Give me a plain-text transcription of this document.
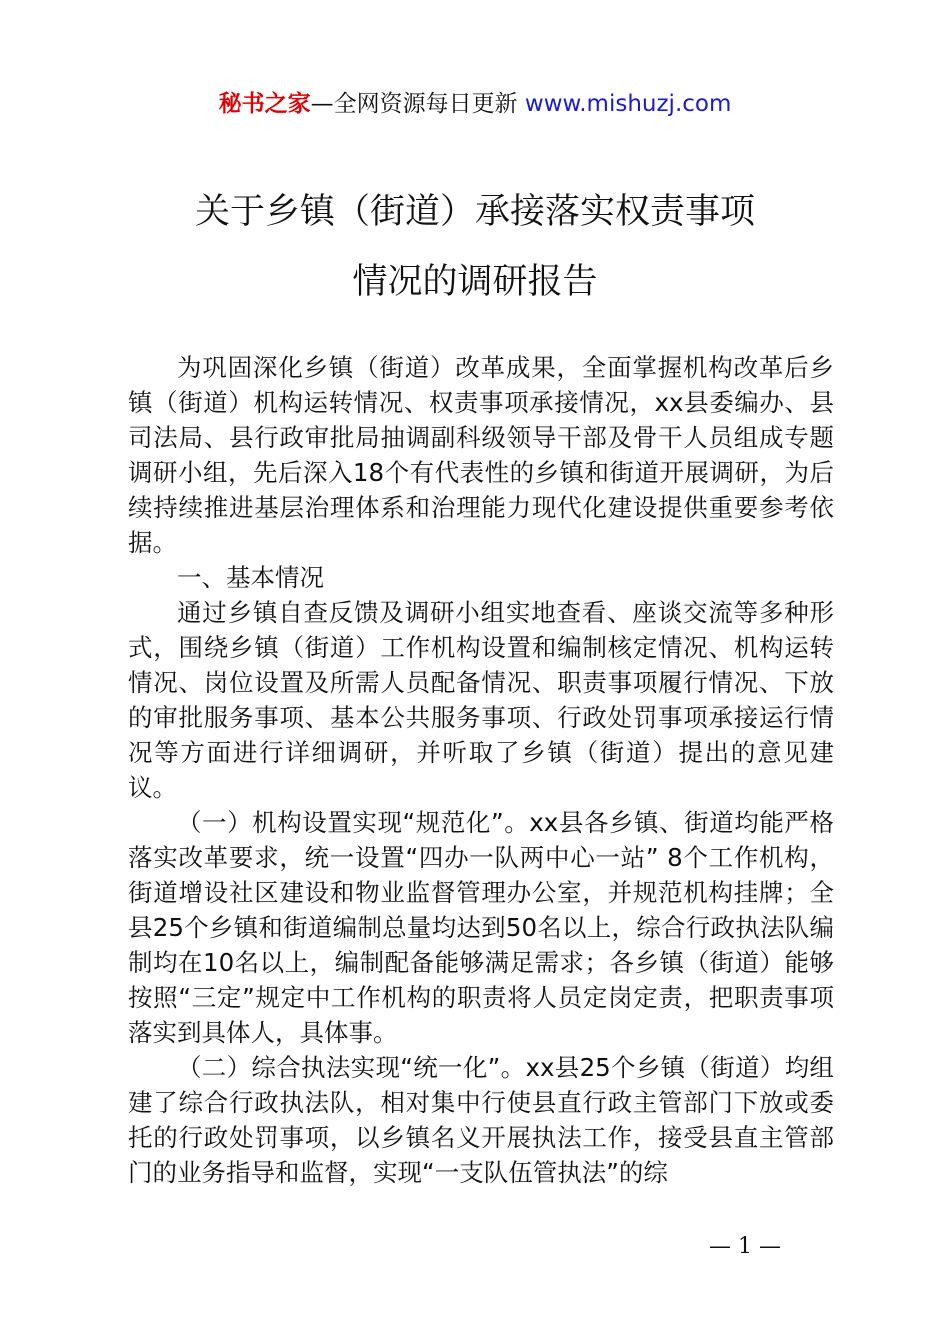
秘书之家—全网资源每日更新 www.mishuzj.com
关于乡镇（街道）承接落实权责事项
情况的调研报告

为巩固深化乡镇（街道）改革成果，全面掌握机构改革后乡镇（街道）机构运转情况、权责事项承接情况，xx县委编办、县司法局、县行政审批局抽调副科级领导干部及骨干人员组成专题调研小组，先后深入18个有代表性的乡镇和街道开展调研，为后续持续推进基层治理体系和治理能力现代化建设提供重要参考依据。

一、基本情况

通过乡镇自查反馈及调研小组实地查看、座谈交流等多种形式，围绕乡镇（街道）工作机构设置和编制核定情况、机构运转情况、岗位设置及所需人员配备情况、职责事项履行情况、下放的审批服务事项、基本公共服务事项、行政处罚事项承接运行情况等方面进行详细调研，并听取了乡镇（街道）提出的意见建议。

（一）机构设置实现“规范化”。xx县各乡镇、街道均能严格落实改革要求，统一设置“四办一队两中心一站” 8个工作机构，街道增设社区建设和物业监督管理办公室，并规范机构挂牌；全县25个乡镇和街道编制总量均达到50名以上，综合行政执法队编制均在10名以上，编制配备能够满足需求；各乡镇（街道）能够按照“三定”规定中工作机构的职责将人员定岗定责，把职责事项落实到具体人，具体事。

（二）综合执法实现“统一化”。xx县25个乡镇（街道）均组建了综合行政执法队，相对集中行使县直行政主管部门下放或委托的行政处罚事项，以乡镇名义开展执法工作，接受县直主管部门的业务指导和监督，实现“一支队伍管执法”的综

— 1 —
